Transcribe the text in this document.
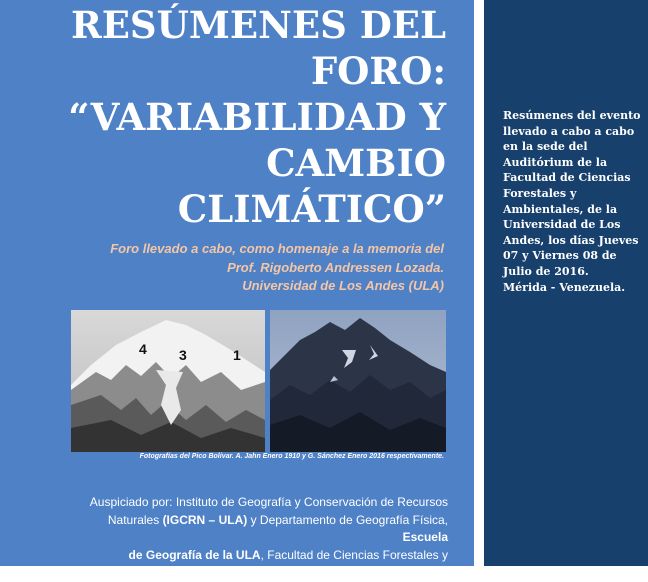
RESÚMENES DEL
FORO:
“VARIABILIDAD Y
CAMBIO CLIMÁTICO”
Foro llevado a cabo, como homenaje a la memoria del
Prof. Rigoberto Andressen Lozada.
Universidad de Los Andes (ULA)
4 3	1
Fotografías del Pico Bolívar. A. Jahn Enero 1910 y G. Sánchez Enero 2016 respectivamente.
Auspiciado por: Instituto de Geografía y Conservación de Recursos
Naturales (IGCRN – ULA) y Departamento de Geografía Física, Escuela
de Geografía de la ULA, Facultad de Ciencias Forestales y
Ambientales.

Resúmenes del evento
llevado a cabo a cabo
en la sede del
Auditórium de la
Facultad de Ciencias
Forestales y
Ambientales, de la
Universidad de Los
Andes, los días Jueves
07 y Viernes 08 de
Julio de 2016.
Mérida - Venezuela.
